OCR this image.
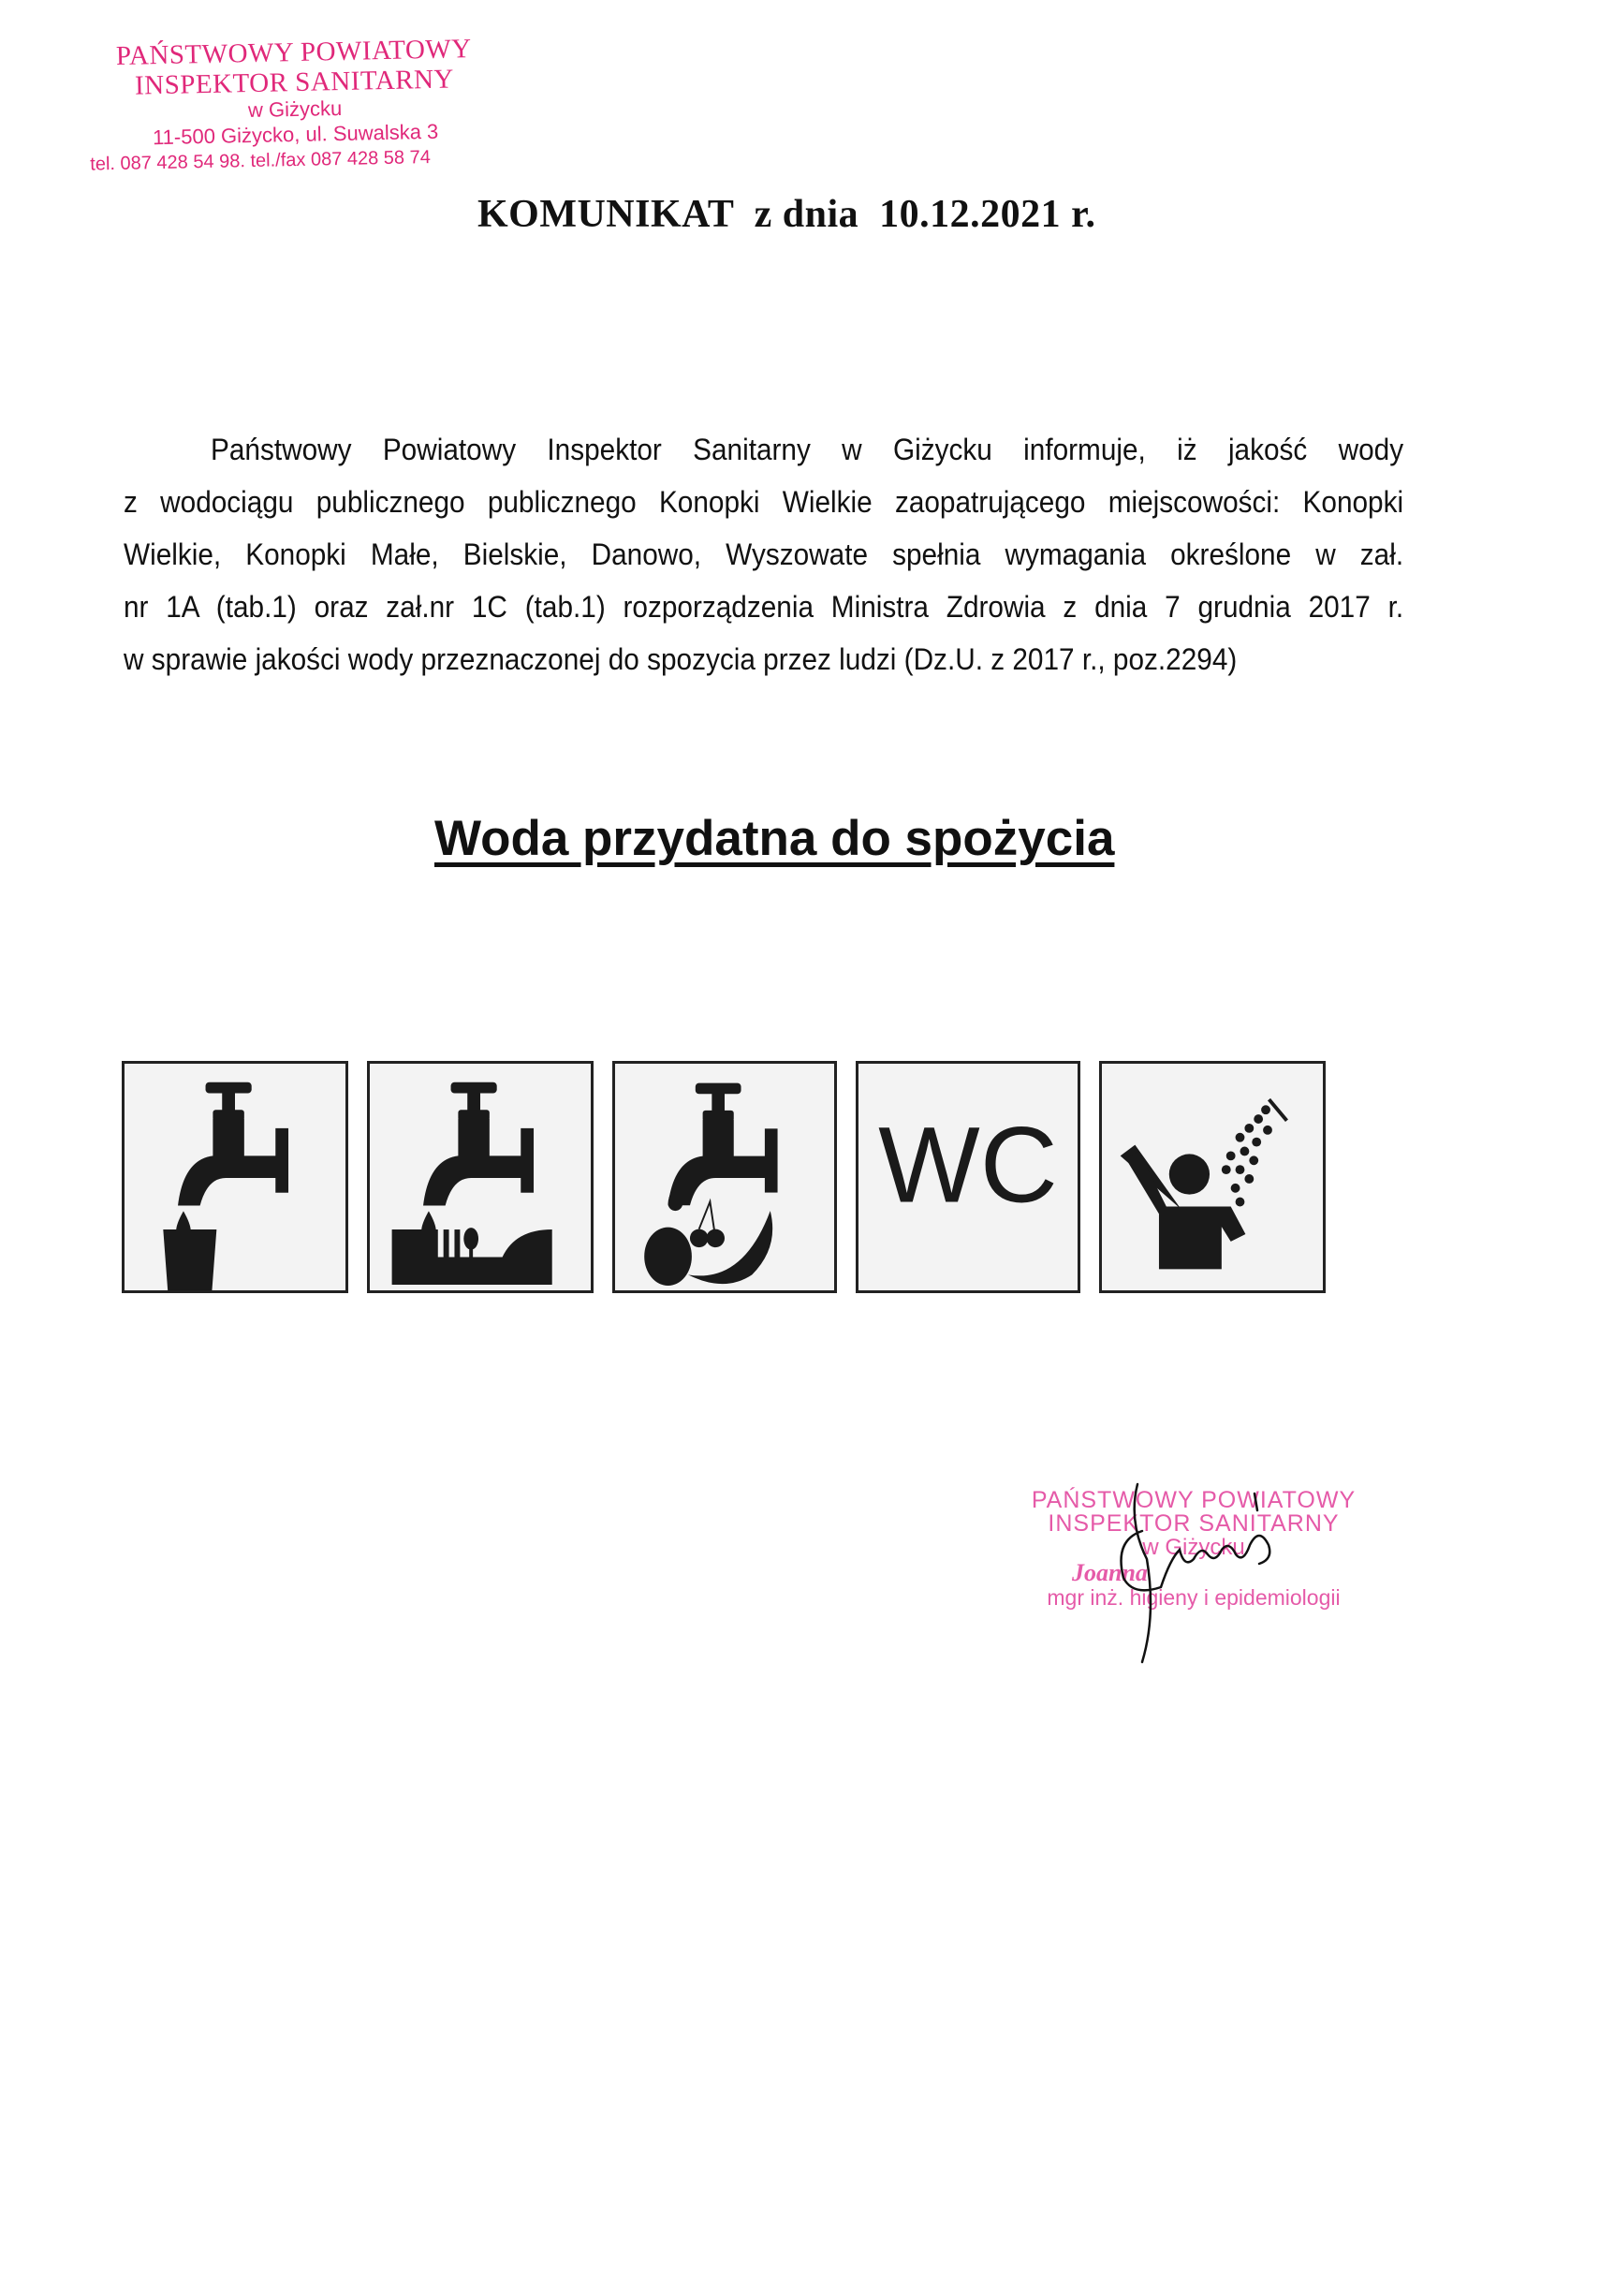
PAŃSTWOWY POWIATOWY
INSPEKTOR SANITARNY
w Giżycku
11-500 Giżycko, ul. Suwalska 3
tel. 087 428 54 98. tel./fax 087 428 58 74
KOMUNIKAT  z dnia  10.12.2021 r.

Państwowy Powiatowy Inspektor Sanitarny w Giżycku informuje, iż jakość wody

z wodociągu publicznego publicznego Konopki Wielkie zaopatrującego miejscowości: Konopki

Wielkie, Konopki Małe, Bielskie, Danowo, Wyszowate spełnia wymagania określone w zał.

nr 1A (tab.1) oraz zał.nr 1C (tab.1) rozporządzenia Ministra Zdrowia z dnia 7 grudnia 2017 r.

w sprawie jakości wody przeznaczonej do spozycia przez ludzi (Dz.U. z 2017 r., poz.2294)

Woda przydatna do spożycia
WC
PAŃSTWOWY POWIATOWY
INSPEKTOR SANITARNY
w Giżycku
Joanna
mgr inż. higieny i epidemiologii
